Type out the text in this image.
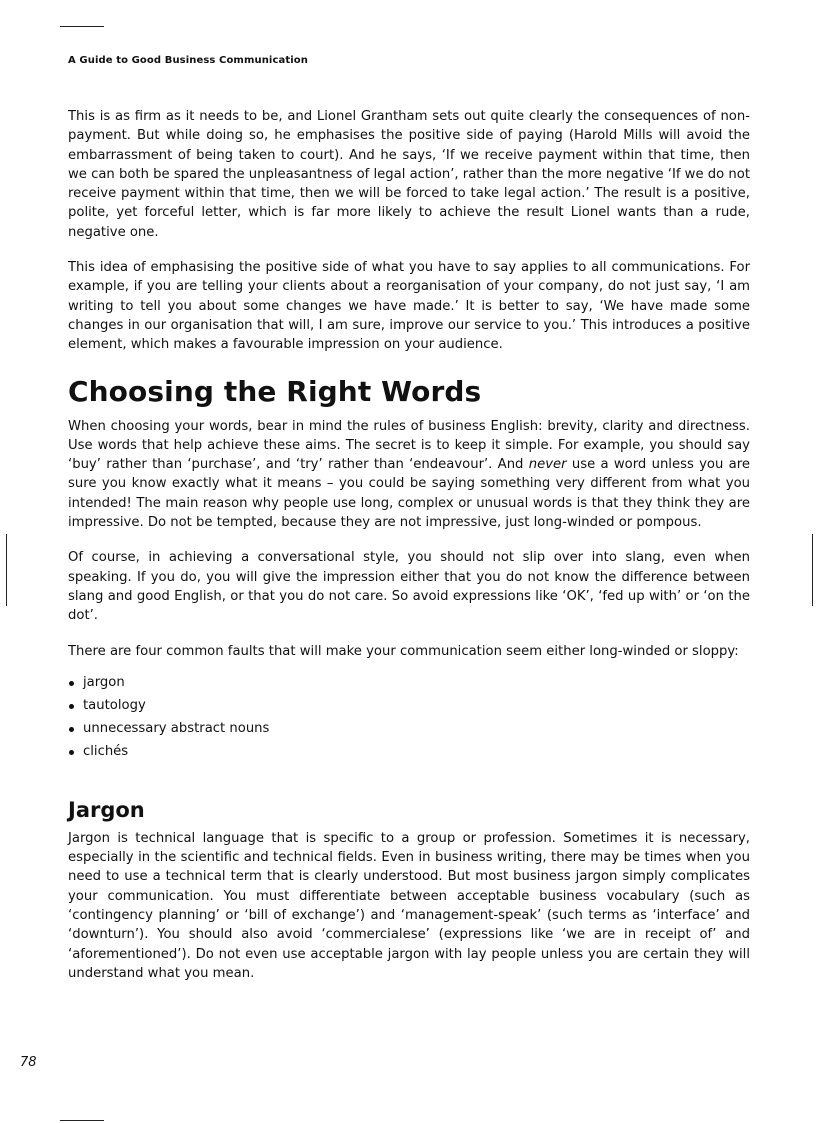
A Guide to Good Business Communication

This is as firm as it needs to be, and Lionel Grantham sets out quite clearly the consequences of non-payment. But while doing so, he emphasises the positive side of paying (Harold Mills will avoid the embarrassment of being taken to court). And he says, ‘If we receive payment within that time, then we can both be spared the unpleasantness of legal action’, rather than the more negative ‘If we do not receive payment within that time, then we will be forced to take legal action.’ The result is a positive, polite, yet forceful letter, which is far more likely to achieve the result Lionel wants than a rude, negative one.

This idea of emphasising the positive side of what you have to say applies to all communications. For example, if you are telling your clients about a reorganisation of your company, do not just say, ‘I am writing to tell you about some changes we have made.’ It is better to say, ‘We have made some changes in our organisation that will, I am sure, improve our service to you.’ This introduces a positive element, which makes a favourable impression on your audience.

Choosing the Right Words

When choosing your words, bear in mind the rules of business English: brevity, clarity and directness. Use words that help achieve these aims. The secret is to keep it simple. For example, you should say ‘buy’ rather than ‘purchase’, and ‘try’ rather than ‘endeavour’. And never use a word unless you are sure you know exactly what it means – you could be saying something very different from what you intended! The main reason why people use long, complex or unusual words is that they think they are impressive. Do not be tempted, because they are not impressive, just long-winded or pompous.

Of course, in achieving a conversational style, you should not slip over into slang, even when speaking. If you do, you will give the impression either that you do not know the difference between slang and good English, or that you do not care. So avoid expressions like ‘OK’, ‘fed up with’ or ‘on the dot’.

There are four common faults that will make your communication seem either long-winded or sloppy:

jargon
tautology
unnecessary abstract nouns
clichés
Jargon

Jargon is technical language that is specific to a group or profession. Sometimes it is necessary, especially in the scientific and technical fields. Even in business writing, there may be times when you need to use a technical term that is clearly understood. But most business jargon simply complicates your communication. You must differentiate between acceptable business vocabulary (such as ‘contingency planning’ or ‘bill of exchange’) and ‘management-speak’ (such terms as ‘interface’ and ‘downturn’). You should also avoid ‘commercialese’ (expressions like ‘we are in receipt of’ and ‘aforementioned’). Do not even use acceptable jargon with lay people unless you are certain they will understand what you mean.

78
